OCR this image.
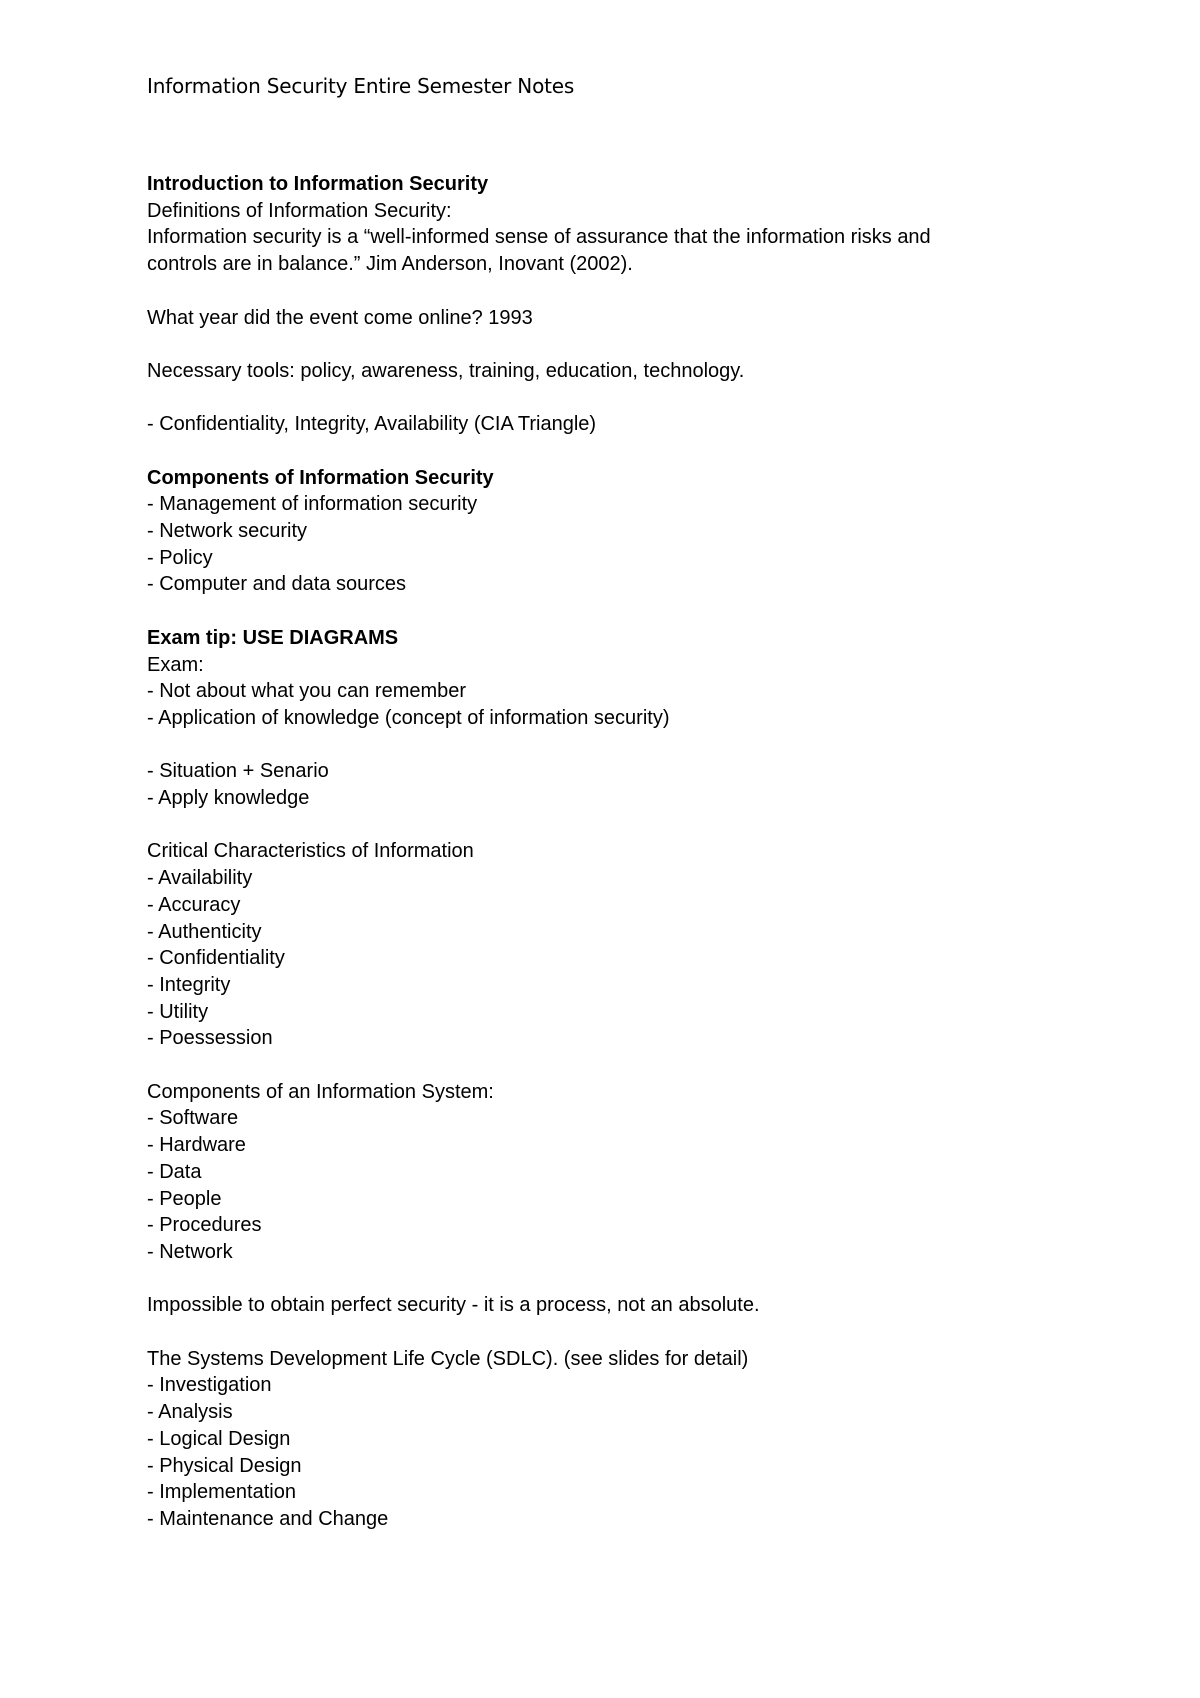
Information Security Entire Semester Notes

Introduction to Information Security

Definitions of Information Security:

Information security is a “well-informed sense of assurance that the information risks and

controls are in balance.” Jim Anderson, Inovant (2002).

What year did the event come online? 1993

Necessary tools: policy, awareness, training, education, technology.

- Confidentiality, Integrity, Availability (CIA Triangle)

Components of Information Security

- Management of information security

- Network security

- Policy

- Computer and data sources

Exam tip: USE DIAGRAMS

Exam:

- Not about what you can remember

- Application of knowledge (concept of information security)

- Situation + Senario

- Apply knowledge

Critical Characteristics of Information

- Availability

- Accuracy

- Authenticity

- Confidentiality

- Integrity

- Utility

- Poessession

Components of an Information System:

- Software

- Hardware

- Data

- People

- Procedures

- Network

Impossible to obtain perfect security - it is a process, not an absolute.

The Systems Development Life Cycle (SDLC). (see slides for detail)

- Investigation

- Analysis

- Logical Design

- Physical Design

- Implementation

- Maintenance and Change
